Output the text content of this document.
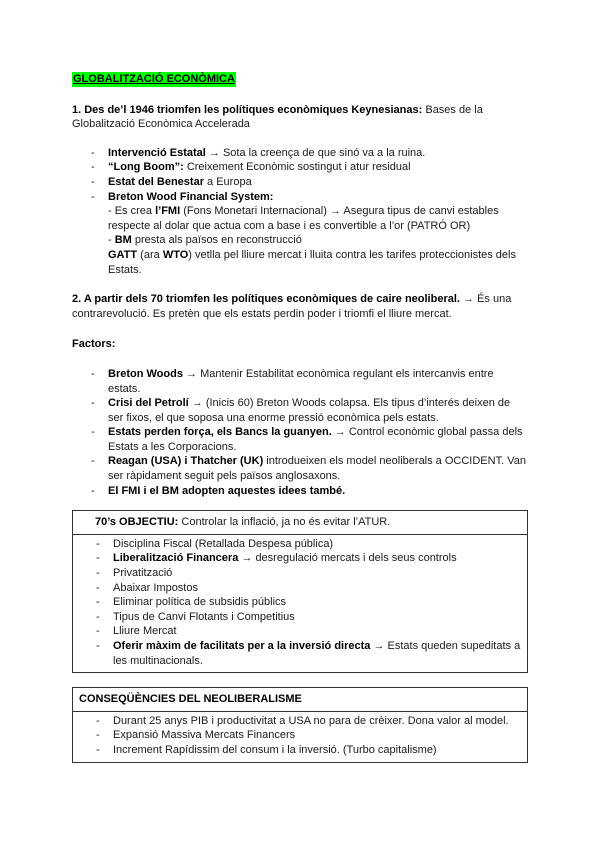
GLOBALITZACIÓ ECONÒMICA

1. Des de’l 1946 triomfen les polítiques econòmiques Keynesianas: Bases de la Globalització Econòmica Accelerada

- Intervenció Estatal → Sota la creença de que sinó va a la ruina.
- “Long Boom”: Creixement Econòmic sostingut i atur residual
- Estat del Benestar a Europa
- Breton Wood Financial System:
- Es crea l’FMI (Fons Monetari Internacional) → Asegura tipus de canvi estables respecte al dolar que actua com a base i es convertible a l’or (PATRÓ OR)
- BM presta als països en reconstrucció
GATT (ara WTO) vetlla pel lliure mercat i lluita contra les tarifes proteccionistes dels Estats.

2. A partir dels 70 triomfen les polítiques econòmiques de caire neoliberal. → És una contrarevolució. Es pretèn que els estats perdin poder i triomfi el lliure mercat.

Factors:

- Breton Woods → Mantenir Estabilitat econòmica regulant els intercanvis entre estats.
- Crisi del Petrolí → (Inicis 60) Breton Woods colapsa. Els tipus d’interés deixen de ser fixos, el que soposa una enorme pressió econòmica pels estats.
- Estats perden força, els Bancs la guanyen. → Control econòmic global passa dels Estats a les Corporacions.
- Reagan (USA) i Thatcher (UK) introdueixen els model neoliberals a OCCIDENT. Van ser ràpidament seguit pels països anglosaxons.
- El FMI i el BM adopten aquestes idees també.
70’s OBJECTIU: Controlar la inflació, ja no és evitar l’ATUR.
- Disciplina Fiscal (Retallada Despesa pública)
- Liberalització Financera → desregulació mercats i dels seus controls
- Privatització
- Abaixar Impostos
- Eliminar política de subsidis públics
- Tipus de Canvi Flotants i Competitius
- Lliure Mercat
- Oferir màxim de facilitats per a la inversió directa → Estats queden supeditats a les multinacionals.
CONSEQÜÈNCIES DEL NEOLIBERALISME
- Durant 25 anys PIB i productivitat a USA no para de crèixer. Dona valor al model.
- Expansió Massiva Mercats Financers
- Increment Rapídissim del consum i la inversió. (Turbo capitalisme)
